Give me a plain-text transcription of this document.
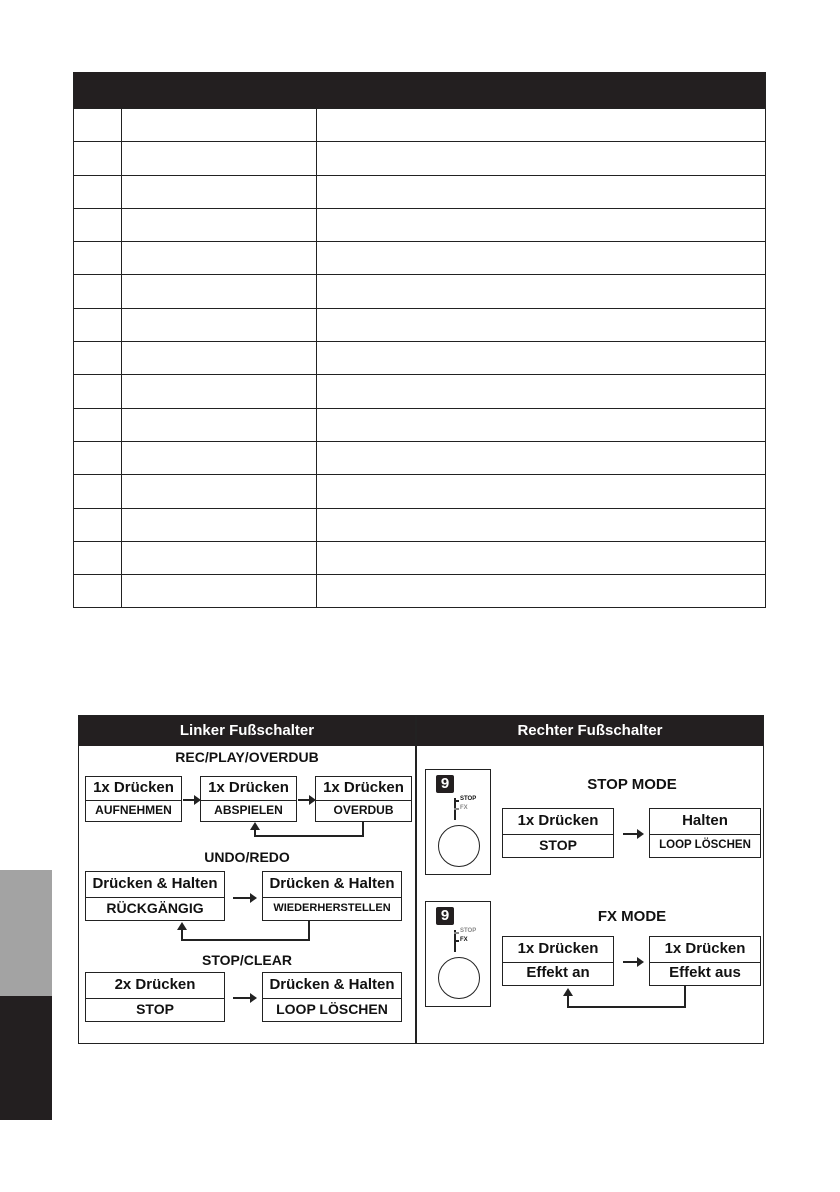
Linker Fußschalter	Rechter Fußschalter
REC/PLAY/OVERDUB
1x Drücken
AUFNEHMEN
1x Drücken
ABSPIELEN
1x Drücken
OVERDUB
UNDO/REDO
Drücken & Halten
RÜCKGÄNGIG
Drücken & Halten
WIEDERHERSTELLEN
STOP/CLEAR
2x Drücken
STOP
Drücken & Halten
LOOP LÖSCHEN
9
STOP
FX
STOP MODE
1x Drücken
STOP
Halten
LOOP LÖSCHEN
9
STOP
FX
FX MODE
1x Drücken
Effekt an
1x Drücken
Effekt aus
